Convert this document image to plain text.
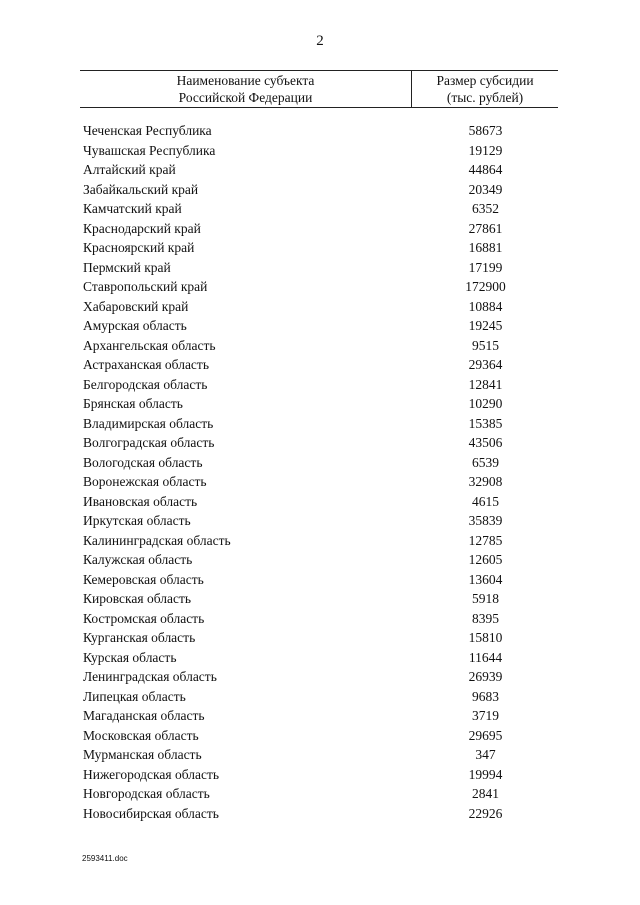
2
Наименование субъекта
Российской Федерации
Размер субсидии
(тыс. рублей)
Чеченская Республика	58673
Чувашская Республика	19129
Алтайский край	44864
Забайкальский край	20349
Камчатский край	6352
Краснодарский край	27861
Красноярский край	16881
Пермский край	17199
Ставропольский край	172900
Хабаровский край	10884
Амурская область	19245
Архангельская область	9515
Астраханская область	29364
Белгородская область	12841
Брянская область	10290
Владимирская область	15385
Волгоградская область	43506
Вологодская область	6539
Воронежская область	32908
Ивановская область	4615
Иркутская область	35839
Калининградская область	12785
Калужская область	12605
Кемеровская область	13604
Кировская область	5918
Костромская область	8395
Курганская область	15810
Курская область	11644
Ленинградская область	26939
Липецкая область	9683
Магаданская область	3719
Московская область	29695
Мурманская область	347
Нижегородская область	19994
Новгородская область	2841
Новосибирская область	22926
2593411.doc
